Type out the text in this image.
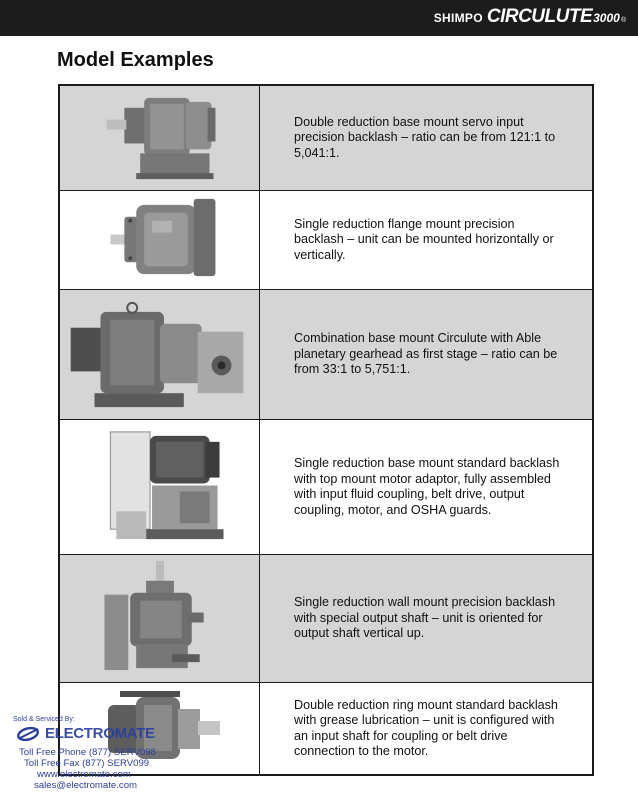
SHIMPO CIRCULUTE 3000 ®
Model Examples
Double reduction base mount servo input precision backlash – ratio can be from 121:1 to 5,041:1.
Single reduction flange mount precision backlash – unit can be mounted horizontally or vertically.
Combination base mount Circulute with Able planetary gearhead as first stage – ratio can be from 33:1 to 5,751:1.
Single reduction base mount standard backlash with top mount motor adaptor, fully assembled with input fluid coupling, belt drive, output coupling, motor, and OSHA guards.
Single reduction wall mount precision backlash with special output shaft – unit is oriented for output shaft vertical up.
Double reduction ring mount standard backlash with grease lubrication – unit is configured with an input shaft for coupling or belt drive connection to the motor.
Sold & Serviced By:
ELECTROMATE
Toll Free Phone (877) SERV098
Toll Free Fax (877) SERV099
www.electromate.com
sales@electromate.com
